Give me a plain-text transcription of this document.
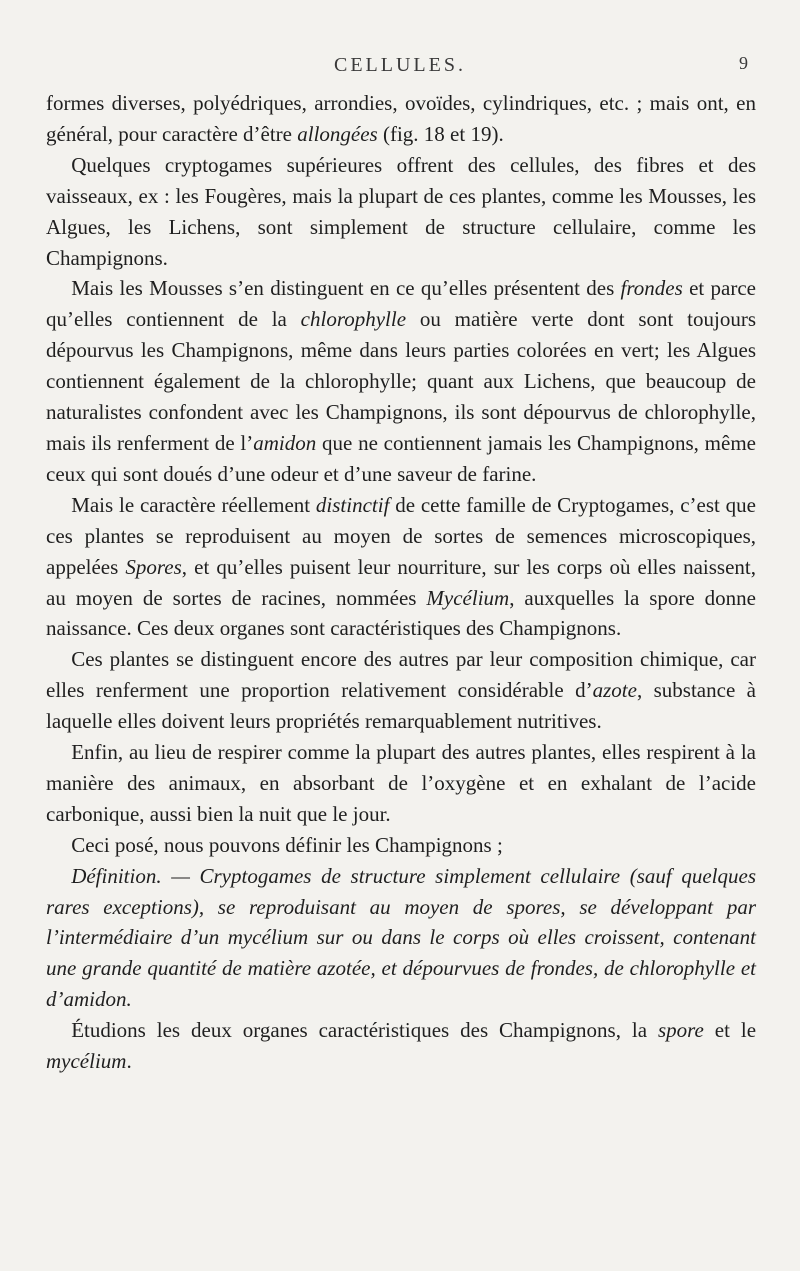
CELLULES.	9

formes diverses, polyédriques, arrondies, ovoïdes, cylindriques, etc. ; mais ont, en général, pour caractère d’être allongées (fig. 18 et 19).

Quelques cryptogames supérieures offrent des cellules, des fibres et des vaisseaux, ex : les Fougères, mais la plupart de ces plantes, comme les Mousses, les Algues, les Lichens, sont simplement de structure cellulaire, comme les Champignons.

Mais les Mousses s’en distinguent en ce qu’elles présentent des frondes et parce qu’elles contiennent de la chlorophylle ou matière verte dont sont toujours dépourvus les Champignons, même dans leurs parties colorées en vert; les Algues contiennent également de la chlorophylle; quant aux Lichens, que beaucoup de naturalistes confondent avec les Champignons, ils sont dépourvus de chlorophylle, mais ils renferment de l’amidon que ne contiennent jamais les Champignons, même ceux qui sont doués d’une odeur et d’une saveur de farine.

Mais le caractère réellement distinctif de cette famille de Cryptogames, c’est que ces plantes se reproduisent au moyen de sortes de semences microscopiques, appelées Spores, et qu’elles puisent leur nourriture, sur les corps où elles naissent, au moyen de sortes de racines, nommées Mycélium, auxquelles la spore donne naissance. Ces deux organes sont caractéristiques des Champignons.

Ces plantes se distinguent encore des autres par leur composition chimique, car elles renferment une proportion relativement considérable d’azote, substance à laquelle elles doivent leurs propriétés remarquablement nutritives.

Enfin, au lieu de respirer comme la plupart des autres plantes, elles respirent à la manière des animaux, en absorbant de l’oxygène et en exhalant de l’acide carbonique, aussi bien la nuit que le jour.

Ceci posé, nous pouvons définir les Champignons ;

Définition. — Cryptogames de structure simplement cellulaire (sauf quelques rares exceptions), se reproduisant au moyen de spores, se développant par l’intermédiaire d’un mycélium sur ou dans le corps où elles croissent, contenant une grande quantité de matière azotée, et dépourvues de frondes, de chlorophylle et d’amidon.

Étudions les deux organes caractéristiques des Champignons, la spore et le mycélium.
